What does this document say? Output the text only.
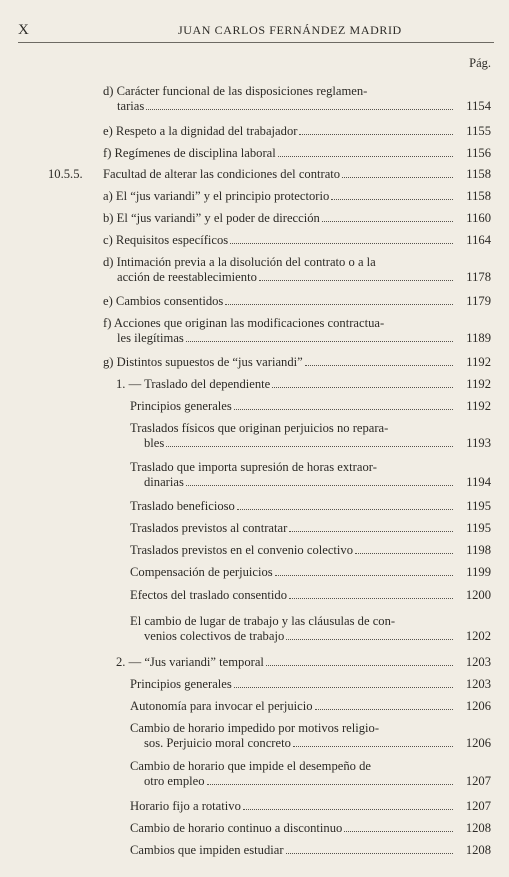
X	JUAN CARLOS FERNÁNDEZ MADRID
Pág.
d) Carácter funcional de las disposiciones reglamen-
tarias	1154
e) Respeto a la dignidad del trabajador	1155
f) Regímenes de disciplina laboral	1156
10.5.5.	Facultad de alterar las condiciones del contrato	1158
a) El “jus variandi” y el principio protectorio	1158
b) El “jus variandi” y el poder de dirección	1160
c) Requisitos específicos	1164
d) Intimación previa a la disolución del contrato o a la
acción de reestablecimiento	1178
e) Cambios consentidos	1179
f) Acciones que originan las modificaciones contractua-
les ilegítimas	1189
g) Distintos supuestos de “jus variandi”	1192
1. — Traslado del dependiente	1192
Principios generales	1192
Traslados físicos que originan perjuicios no repara-
bles	1193
Traslado que importa supresión de horas extraor-
dinarias	1194
Traslado beneficioso	1195
Traslados previstos al contratar	1195
Traslados previstos en el convenio colectivo	1198
Compensación de perjuicios	1199
Efectos del traslado consentido	1200
El cambio de lugar de trabajo y las cláusulas de con-
venios colectivos de trabajo	1202
2. — “Jus variandi” temporal	1203
Principios generales	1203
Autonomía para invocar el perjuicio	1206
Cambio de horario impedido por motivos religio-
sos. Perjuicio moral concreto	1206
Cambio de horario que impide el desempeño de
otro empleo	1207
Horario fijo a rotativo	1207
Cambio de horario continuo a discontinuo	1208
Cambios que impiden estudiar	1208
